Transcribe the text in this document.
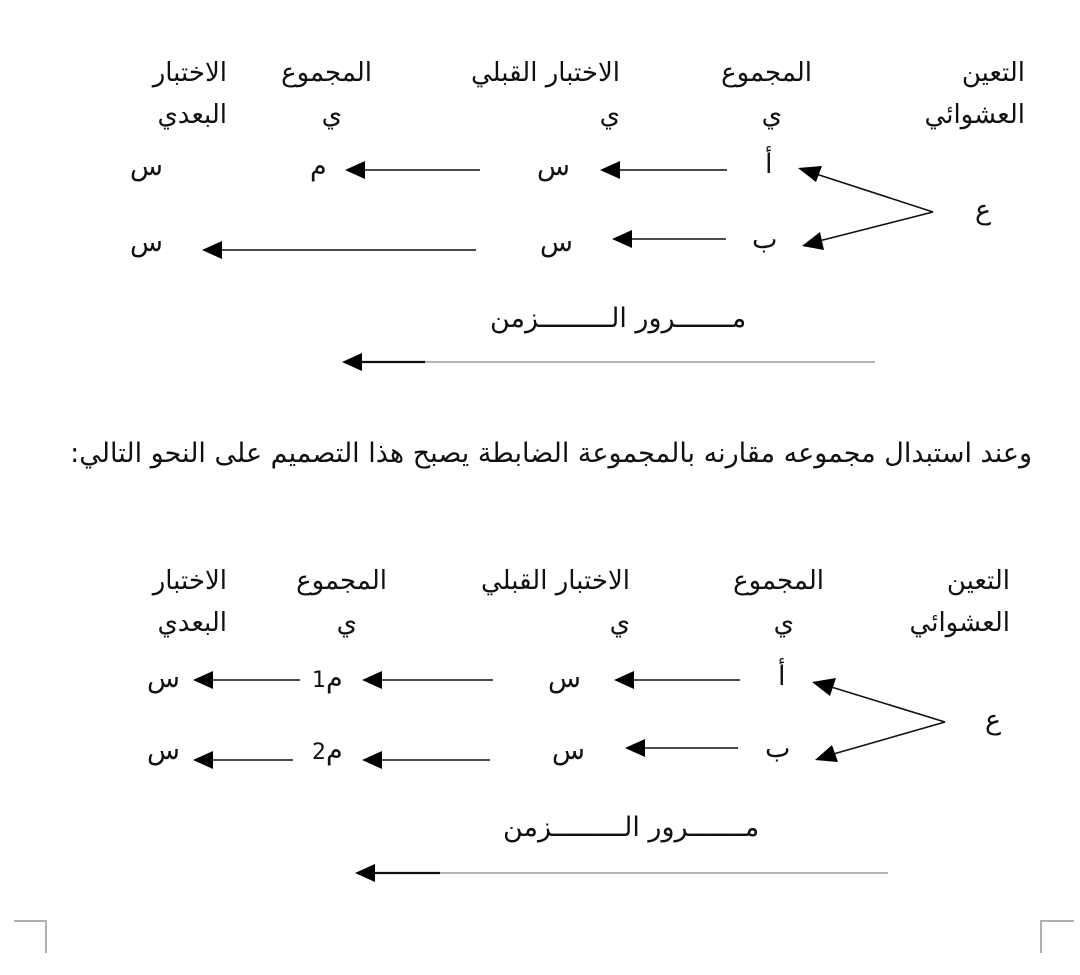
التعين
العشوائي
المجموع
ي
الاختبار القبلي
ي
المجموع
ي
الاختبار
البعدي
ع
أ
ب
س
س
م
س
س
مـــــــرور الـــــــــزمن
وعند استبدال مجموعه مقارنه بالمجموعة الضابطة يصبح هذا التصميم على النحو التالي:
التعين
العشوائي
المجموع
ي
الاختبار القبلي
ي
المجموع
ي
الاختبار
البعدي
ع
أ
ب
س
س
م1
م2
س
س
مـــــــرور الـــــــــزمن
